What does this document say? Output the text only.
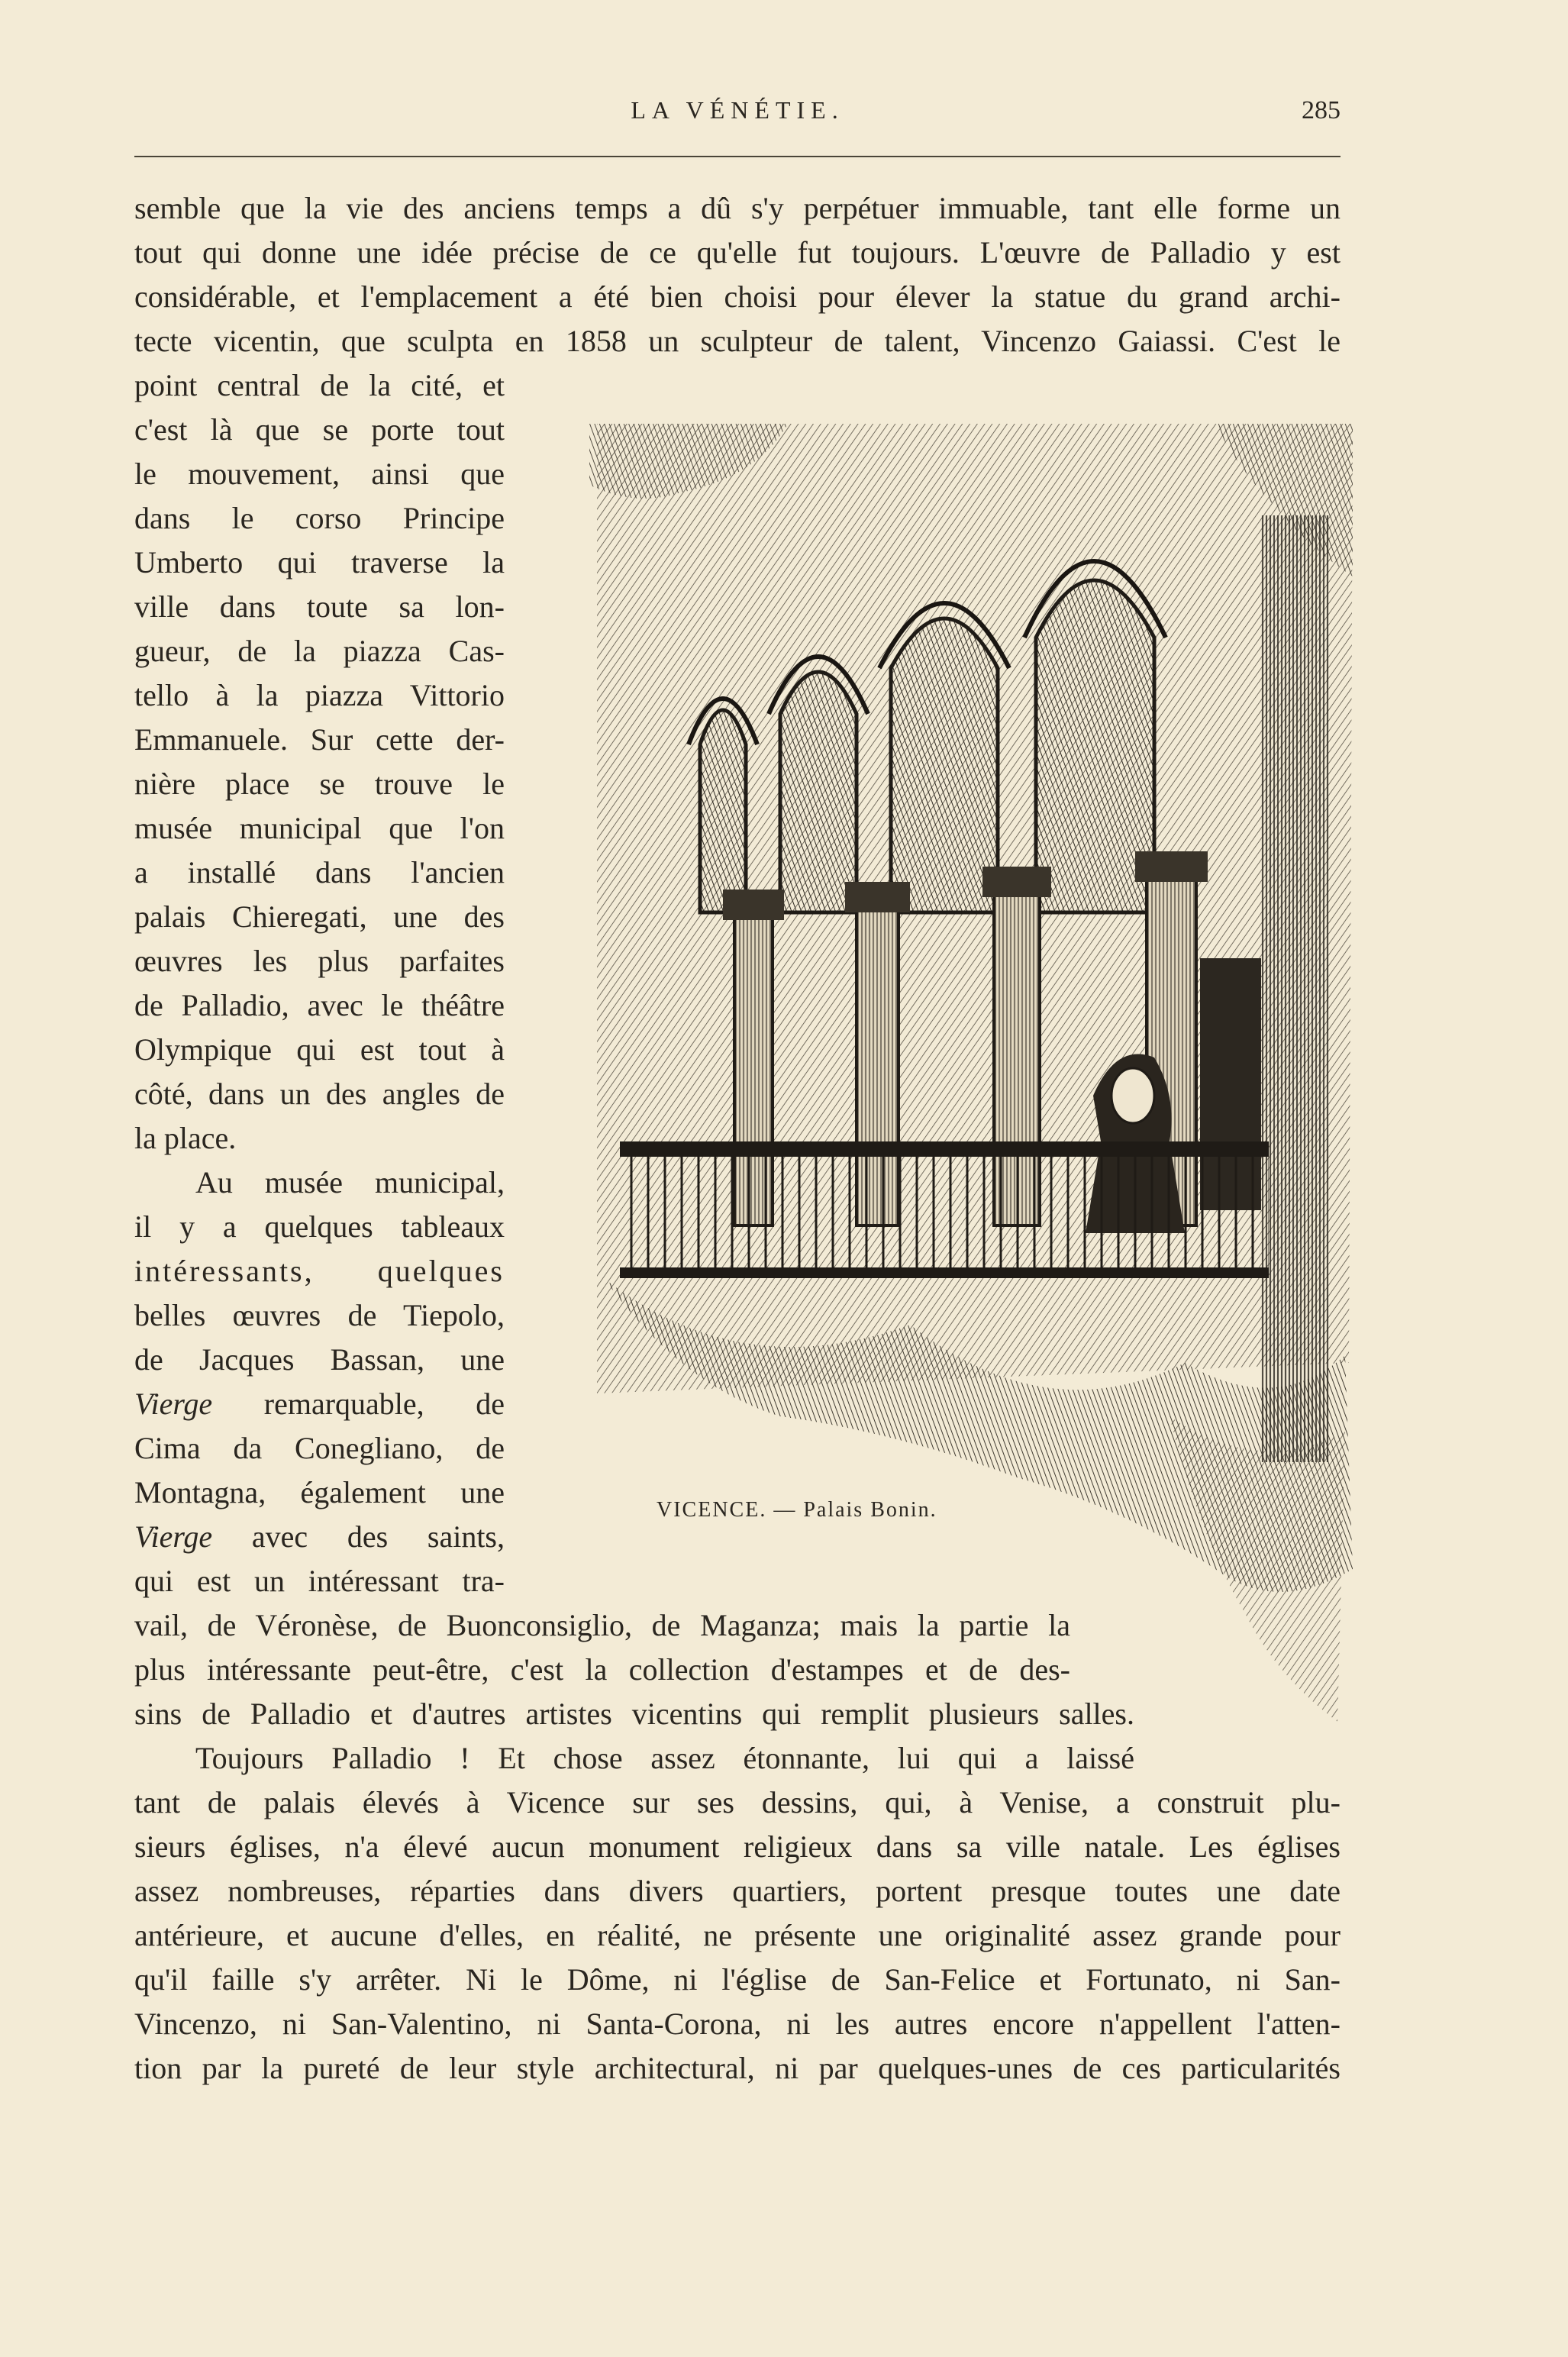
LA VÉNÉTIE.	285
semble que la vie des anciens temps a dû s'y perpétuer immuable, tant elle forme un
tout qui donne une idée précise de ce qu'elle fut toujours. L'œuvre de Palladio y est
considérable, et l'emplacement a été bien choisi pour élever la statue du grand archi-
tecte vicentin, que sculpta en 1858 un sculpteur de talent, Vincenzo Gaiassi. C'est le
point central de la cité, et
c'est là que se porte tout
le mouvement, ainsi que
dans le corso Principe
Umberto qui traverse la
ville dans toute sa lon-
gueur, de la piazza Cas-
tello à la piazza Vittorio
Emmanuele. Sur cette der-
nière place se trouve le
musée municipal que l'on
a installé dans l'ancien
palais Chieregati, une des
œuvres les plus parfaites
de Palladio, avec le théâtre
Olympique qui est tout à
côté, dans un des angles de
la place.
Au musée municipal,
il y a quelques tableaux
intéressants, quelques
belles œuvres de Tiepolo,
de Jacques Bassan, une
Vierge remarquable, de
Cima da Conegliano, de
Montagna, également une
Vierge avec des saints,
qui est un intéressant tra-
vail, de Véronèse, de Buonconsiglio, de Maganza; mais la partie la
plus intéressante peut-être, c'est la collection d'estampes et de des-
sins de Palladio et d'autres artistes vicentins qui remplit plusieurs salles.
Toujours Palladio ! Et chose assez étonnante, lui qui a laissé
tant de palais élevés à Vicence sur ses dessins, qui, à Venise, a construit plu-
sieurs églises, n'a élevé aucun monument religieux dans sa ville natale. Les églises
assez nombreuses, réparties dans divers quartiers, portent presque toutes une date
antérieure, et aucune d'elles, en réalité, ne présente une originalité assez grande pour
qu'il faille s'y arrêter. Ni le Dôme, ni l'église de San-Felice et Fortunato, ni San-
Vincenzo, ni San-Valentino, ni Santa-Corona, ni les autres encore n'appellent l'atten-
tion par la pureté de leur style architectural, ni par quelques-unes de ces particularités
VICENCE. — Palais Bonin.
